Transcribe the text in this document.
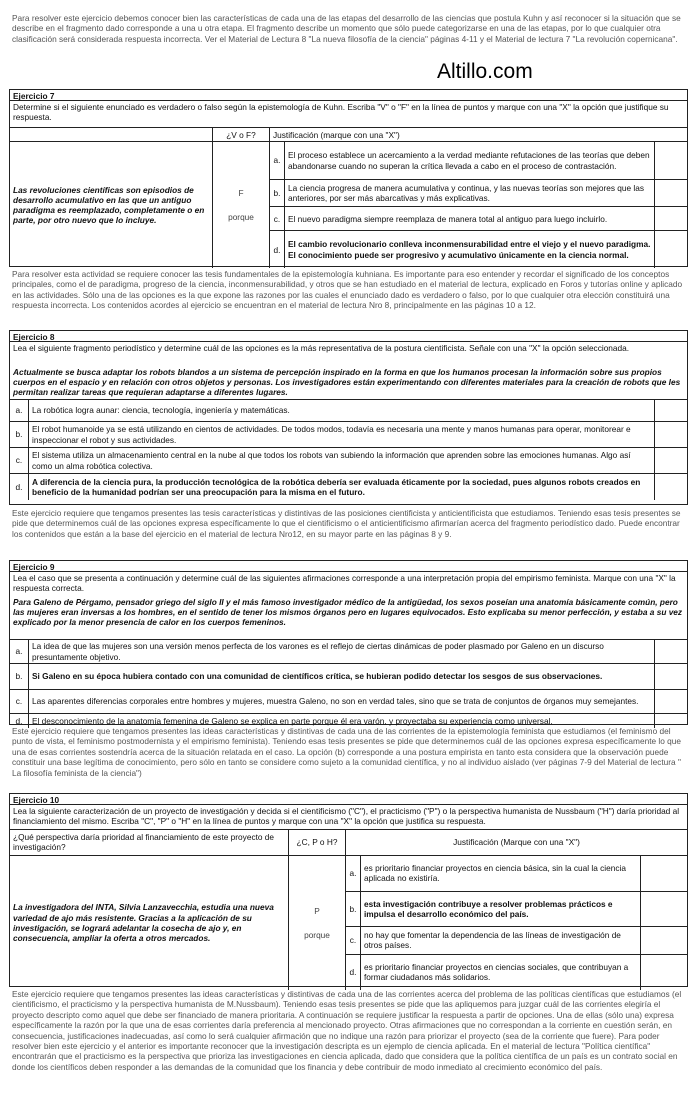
Para resolver este ejercicio debemos conocer bien las características de cada una de las etapas del desarrollo de las ciencias que postula Kuhn y así reconocer si la situación que se describe en el fragmento dado corresponde a una u otra etapa. El fragmento describe un momento que sólo puede categorizarse en una de las etapas, por lo que cualquier otra clasificación será considerada respuesta incorrecta. Ver el Material de Lectura 8 "La nueva filosofía de la ciencia" páginas 4-11 y el Material de lectura 7 "La revolución copernicana".

Altillo.com
Ejercicio 7
Determine si el siguiente enunciado es verdadero o falso según la epistemología de Kuhn. Escriba "V" o "F" en la línea de puntos y marque con una "X" la opción que justifique su respuesta.
	¿V o F?	Justificación (marque con una "X")		
Las revoluciones científicas son episodios de desarrollo acumulativo en las que un antiguo paradigma es reemplazado, completamente o en parte, por otro nuevo que lo incluye.	F
porque	a.	El proceso establece un acercamiento a la verdad mediante refutaciones de las teorías que deben abandonarse cuando no superan la crítica llevada a cabo en el proceso de contrastación.	
		b.	La ciencia progresa de manera acumulativa y continua, y las nuevas teorías son mejores que las anteriores, por ser más abarcativas y más explicativas.	
		c.	El nuevo paradigma siempre reemplaza de manera total al antiguo para luego incluirlo.	
		d.	El cambio revolucionario conlleva inconmensurabilidad entre el viejo y el nuevo paradigma. El conocimiento puede ser progresivo y acumulativo únicamente en la ciencia normal.	

Para resolver esta actividad se requiere conocer las tesis fundamentales de la epistemología kuhniana. Es importante para eso entender y recordar el significado de los conceptos principales, como el de paradigma, progreso de la ciencia, inconmensurabilidad, y otros que se han estudiado en el material de lectura, explicado en Foros y tutorías online y aplicado en las actividades. Sólo una de las opciones es la que expone las razones por las cuales el enunciado dado es verdadero o falso, por lo que cualquier otra elección constituirá una respuesta incorrecta. Los contenidos acordes al ejercicio se encuentran en el material de lectura Nro 8, principalmente en las páginas 10 a 12.

Ejercicio 8
Lea el siguiente fragmento periodístico y determine cuál de las opciones es la más representativa de la postura cientificista. Señale con una "X" la opción seleccionada.
Actualmente se busca adaptar los robots blandos a un sistema de percepción inspirado en la forma en que los humanos procesan la información sobre sus propios cuerpos en el espacio y en relación con otros objetos y personas. Los investigadores están experimentando con diferentes materiales para la creación de robots que les permitan realizar tareas que requieran adaptarse a diferentes lugares.
a.	La robótica logra aunar: ciencia, tecnología, ingeniería y matemáticas.	
b.	El robot humanoide ya se está utilizando en cientos de actividades. De todos modos, todavía es necesaria una mente y manos humanas para operar, monitorear e inspeccionar el robot y sus actividades.	
c.	El sistema utiliza un almacenamiento central en la nube al que todos los robots van subiendo la información que aprenden sobre las emociones humanas. Algo así como un alma robótica colectiva.	
d.	A diferencia de la ciencia pura, la producción tecnológica de la robótica debería ser evaluada éticamente por la sociedad, pues algunos robots creados en beneficio de la humanidad podrían ser una preocupación para la misma en el futuro.	

Este ejercicio requiere que tengamos presentes las tesis características y distintivas de las posiciones cientificista y anticientificista que estudiamos. Teniendo esas tesis presentes se pide que determinemos cuál de las opciones expresa específicamente lo que el cientificismo o el anticientificismo afirmarían acerca del fragmento periodístico dado. Puede encontrar los contenidos que están a la base del ejercicio en el material de lectura Nro12, en su mayor parte en las páginas 8 y 9.

Ejercicio 9
Lea el caso que se presenta a continuación y determine cuál de las siguientes afirmaciones corresponde a una interpretación propia del empirismo feminista. Marque con una "X" la respuesta correcta.
Para Galeno de Pérgamo, pensador griego del siglo II y el más famoso investigador médico de la antigüedad, los sexos poseían una anatomía básicamente común, pero las mujeres eran inversas a los hombres, en el sentido de tener los mismos órganos pero en lugares equivocados. Esto explicaba su menor perfección, y estaba a su vez explicado por la menor presencia de calor en los cuerpos femeninos.
a.	La idea de que las mujeres son una versión menos perfecta de los varones es el reflejo de ciertas dinámicas de poder plasmado por Galeno en un discurso presuntamente objetivo.	
b.	Si Galeno en su época hubiera contado con una comunidad de científicos crítica, se hubieran podido detectar los sesgos de sus observaciones.	
c.	Las aparentes diferencias corporales entre hombres y mujeres, muestra Galeno, no son en verdad tales, sino que se trata de conjuntos de órganos muy semejantes.	
d.	El desconocimiento de la anatomía femenina de Galeno se explica en parte porque él era varón, y proyectaba su experiencia como universal.	

Este ejercicio requiere que tengamos presentes las ideas características y distintivas de cada una de las corrientes de la epistemología feminista que estudiamos (el feminismo del punto de vista, el feminismo postmodernista y el empirismo feminista). Teniendo esas tesis presentes se pide que determinemos cuál de las opciones expresa específicamente lo que una de esas corrientes sostendría acerca de la situación relatada en el caso. La opción (b) corresponde a una postura empirista en tanto esta considera que la observación puede constituir una base legítima de conocimiento, pero sólo en tanto se considere como sujeto a la comunidad científica, y no al individuo aislado (ver páginas 7-9 del Material de lectura " La filosofía feminista de la ciencia")

Ejercicio 10
Lea la siguiente caracterización de un proyecto de investigación y decida si el cientificismo ("C"), el practicismo ("P") o la perspectiva humanista de Nussbaum ("H") daría prioridad al financiamiento del mismo. Escriba "C", "P" o "H" en la línea de puntos y marque con una "X" la opción que justifica su respuesta.
¿Qué perspectiva daría prioridad al financiamiento de este proyecto de investigación?	¿C, P o H?	Justificación (Marque con una "X")		
La investigadora del INTA, Silvia Lanzavecchia, estudia una nueva variedad de ajo más resistente. Gracias a la aplicación de su investigación, se logrará adelantar la cosecha de ajo y, en consecuencia, ampliar la oferta a otros mercados.	P
porque	a.	es prioritario financiar proyectos en ciencia básica, sin la cual la ciencia aplicada no existiría.	
		b.	esta investigación contribuye a resolver problemas prácticos e impulsa el desarrollo económico del país.	
		c.	no hay que fomentar la dependencia de las líneas de investigación de otros países.	
		d.	es prioritario financiar proyectos en ciencias sociales, que contribuyan a formar ciudadanos más solidarios.	

Este ejercicio requiere que tengamos presentes las ideas características y distintivas de cada una de las corrientes acerca del problema de las políticas científicas que estudiamos (el cientificismo, el practicismo y la perspectiva humanista de M.Nussbaum). Teniendo esas tesis presentes se pide que las apliquemos para juzgar cuál de las corrientes elegiría el proyecto descripto como aquel que debe ser financiado de manera prioritaria. A continuación se requiere justificar la respuesta a partir de opciones. Una de ellas (sólo una) expresa específicamente la razón por la que una de esas corrientes daría preferencia al mencionado proyecto. Otras afirmaciones que no correspondan a la corriente en cuestión serán, en consecuencia, justificaciones inadecuadas, así como lo será cualquier afirmación que no indique una razón para priorizar el proyecto (sea de la corriente que fuere). Para poder resolver bien este ejercicio y el anterior es importante reconocer que la investigación descripta es un ejemplo de ciencia aplicada. En el material de lectura "Política científica" encontrarán que el practicismo es la perspectiva que prioriza las investigaciones en ciencia aplicada, dado que considera que la política científica de un país es un contrato social en donde los científicos deben responder a las demandas de la comunidad que los financia y debe contribuir de modo inmediato al crecimiento económico del país.
